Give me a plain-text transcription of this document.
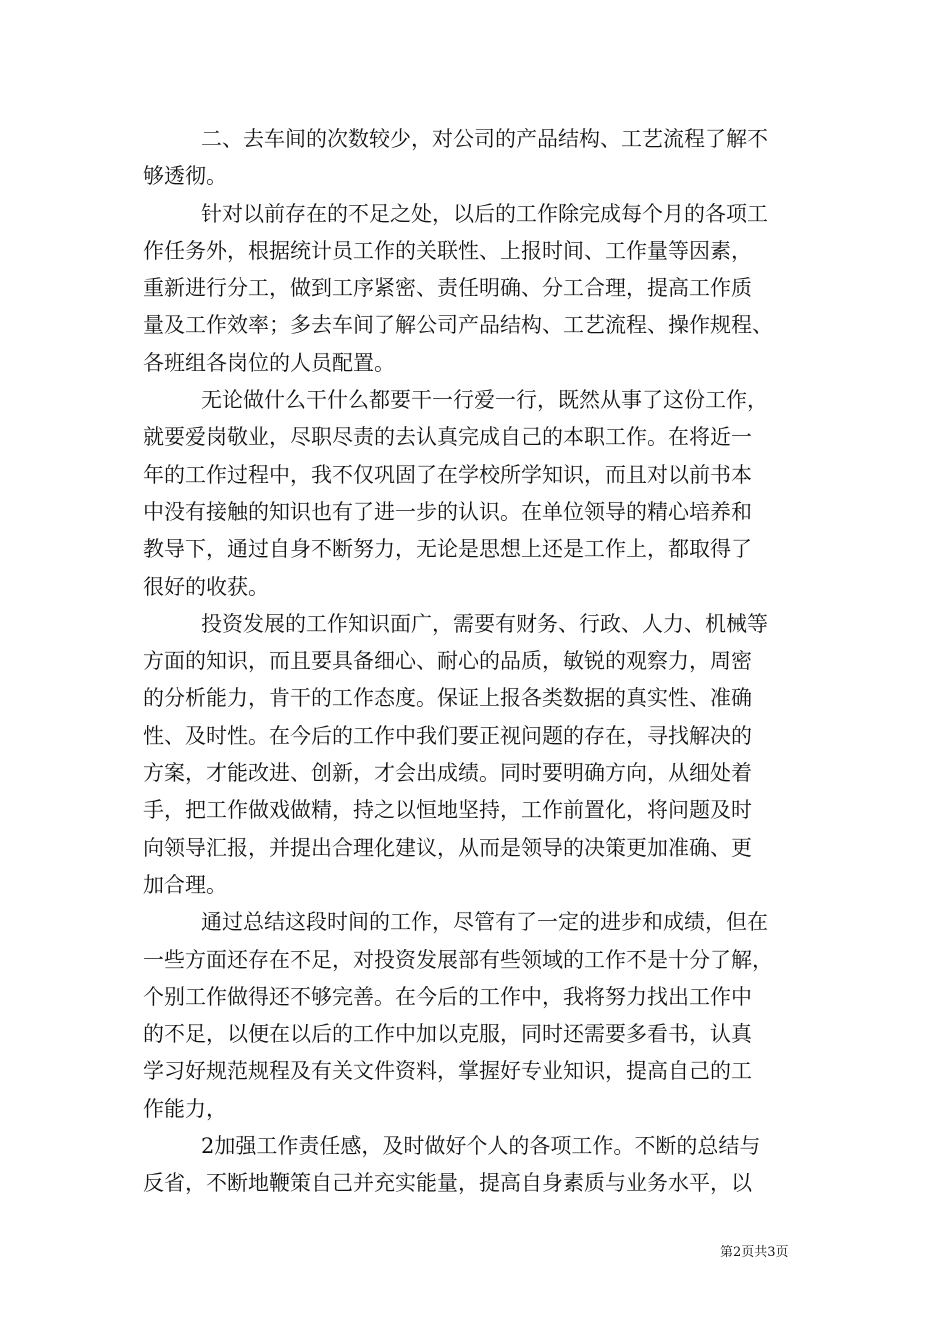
二、去车间的次数较少，对公司的产品结构、工艺流程了解不
够透彻。
针对以前存在的不足之处，以后的工作除完成每个月的各项工
作任务外，根据统计员工作的关联性、上报时间、工作量等因素，
重新进行分工，做到工序紧密、责任明确、分工合理，提高工作质
量及工作效率；多去车间了解公司产品结构、工艺流程、操作规程、
各班组各岗位的人员配置。
无论做什么干什么都要干一行爱一行，既然从事了这份工作，
就要爱岗敬业，尽职尽责的去认真完成自己的本职工作。在将近一
年的工作过程中，我不仅巩固了在学校所学知识，而且对以前书本
中没有接触的知识也有了进一步的认识。在单位领导的精心培养和
教导下，通过自身不断努力，无论是思想上还是工作上，都取得了
很好的收获。
投资发展的工作知识面广，需要有财务、行政、人力、机械等
方面的知识，而且要具备细心、耐心的品质，敏锐的观察力，周密
的分析能力，肯干的工作态度。保证上报各类数据的真实性、准确
性、及时性。在今后的工作中我们要正视问题的存在，寻找解决的
方案，才能改进、创新，才会出成绩。同时要明确方向，从细处着
手，把工作做戏做精，持之以恒地坚持，工作前置化，将问题及时
向领导汇报，并提出合理化建议，从而是领导的决策更加准确、更
加合理。
通过总结这段时间的工作，尽管有了一定的进步和成绩，但在
一些方面还存在不足，对投资发展部有些领域的工作不是十分了解，
个别工作做得还不够完善。在今后的工作中，我将努力找出工作中
的不足，以便在以后的工作中加以克服，同时还需要多看书，认真
学习好规范规程及有关文件资料，掌握好专业知识，提高自己的工
作能力，
2加强工作责任感，及时做好个人的各项工作。不断的总结与
反省，不断地鞭策自己并充实能量，提高自身素质与业务水平，以
第2页共3页
